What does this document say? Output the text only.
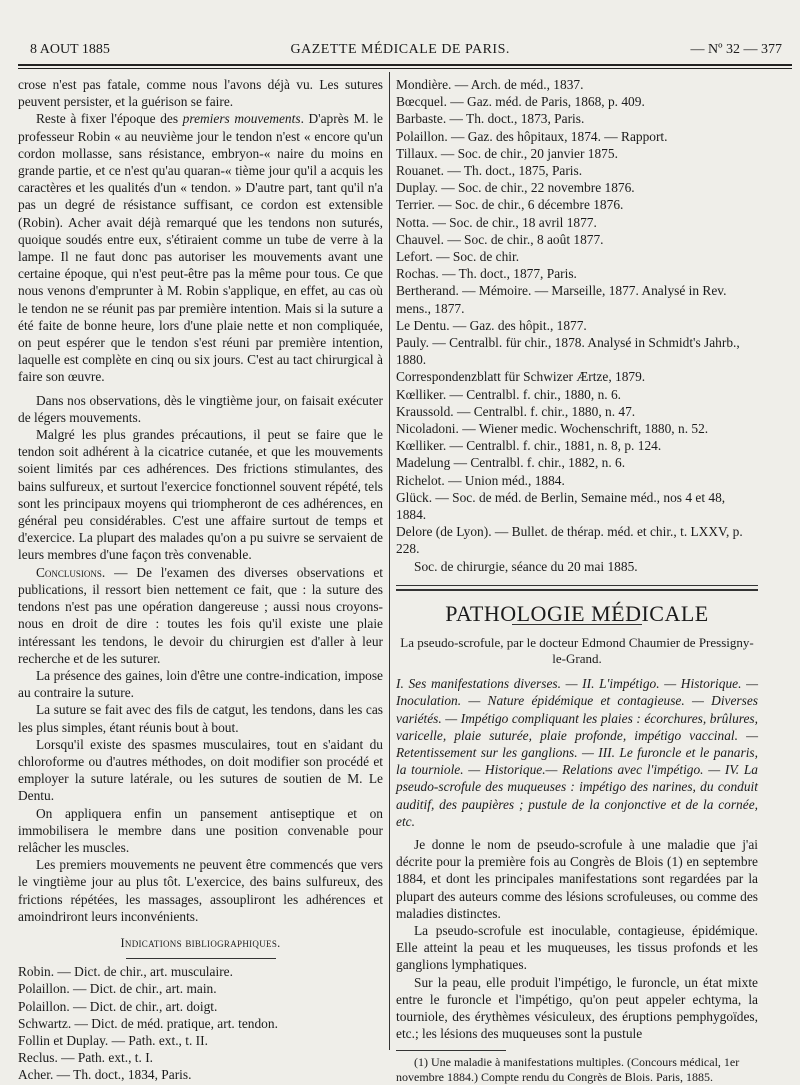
8 AOUT 1885	GAZETTE MÉDICALE DE PARIS.	— Nº 32 — 377

crose n'est pas fatale, comme nous l'avons déjà vu. Les sutures peuvent persister, et la guérison se faire.

Reste à fixer l'époque des premiers mouvements. D'après M. le professeur Robin « au neuvième jour le tendon n'est « encore qu'un cordon mollasse, sans résistance, embryon-« naire du moins en grande partie, et ce n'est qu'au quaran-« tième jour qu'il a acquis les caractères et les qualités d'un « tendon. » D'autre part, tant qu'il n'a pas un degré de résistance suffisant, ce cordon est extensible (Robin). Acher avait déjà remarqué que les tendons non suturés, quoique soudés entre eux, s'étiraient comme un tube de verre à la lampe. Il ne faut donc pas autoriser les mouvements avant une certaine époque, qui n'est peut-être pas la même pour tous. Ce que nous venons d'emprunter à M. Robin s'applique, en effet, au cas où le tendon ne se réunit pas par première intention. Mais si la suture a été faite de bonne heure, lors d'une plaie nette et non compliquée, on peut espérer que le tendon s'est réuni par première intention, laquelle est complète en cinq ou six jours. C'est au tact chirurgical à faire son œuvre.

Dans nos observations, dès le vingtième jour, on faisait exécuter de légers mouvements.

Malgré les plus grandes précautions, il peut se faire que le tendon soit adhérent à la cicatrice cutanée, et que les mouvements soient limités par ces adhérences. Des frictions stimulantes, des bains sulfureux, et surtout l'exercice fonctionnel souvent répété, tels sont les principaux moyens qui triompheront de ces adhérences, en général peu considérables. C'est une affaire surtout de temps et d'exercice. La plupart des malades qu'on a pu suivre se servaient de leurs membres d'une façon très convenable.

Conclusions. — De l'examen des diverses observations et publications, il ressort bien nettement ce fait, que : la suture des tendons n'est pas une opération dangereuse ; aussi nous croyons-nous en droit de dire : toutes les fois qu'il existe une plaie intéressant les tendons, le devoir du chirurgien est d'aller à leur recherche et de les suturer.

La présence des gaines, loin d'être une contre-indication, impose au contraire la suture.

La suture se fait avec des fils de catgut, les tendons, dans les cas les plus simples, étant réunis bout à bout.

Lorsqu'il existe des spasmes musculaires, tout en s'aidant du chloroforme ou d'autres méthodes, on doit modifier son procédé et employer la suture latérale, ou les sutures de soutien de M. Le Dentu.

On appliquera enfin un pansement antiseptique et on immobilisera le membre dans une position convenable pour relâcher les muscles.

Les premiers mouvements ne peuvent être commencés que vers le vingtième jour au plus tôt. L'exercice, des bains sulfureux, des frictions répétées, les massages, assoupliront les adhérences et amoindriront leurs inconvénients.

Indications bibliographiques.

Robin. — Dict. de chir., art. musculaire.

Polaillon. — Dict. de chir., art. main.

Polaillon. — Dict. de chir., art. doigt.

Schwartz. — Dict. de méd. pratique, art. tendon.

Follin et Duplay. — Path. ext., t. II.

Reclus. — Path. ext., t. I.

Acher. — Th. doct., 1834, Paris.

Mondière. — Arch. de méd., 1837.

Bœcquel. — Gaz. méd. de Paris, 1868, p. 409.

Barbaste. — Th. doct., 1873, Paris.

Polaillon. — Gaz. des hôpitaux, 1874. — Rapport.

Tillaux. — Soc. de chir., 20 janvier 1875.

Rouanet. — Th. doct., 1875, Paris.

Duplay. — Soc. de chir., 22 novembre 1876.

Terrier. — Soc. de chir., 6 décembre 1876.

Notta. — Soc. de chir., 18 avril 1877.

Chauvel. — Soc. de chir., 8 août 1877.

Lefort. — Soc. de chir.

Rochas. — Th. doct., 1877, Paris.

Bertherand. — Mémoire. — Marseille, 1877. Analysé in Rev. mens., 1877.

Le Dentu. — Gaz. des hôpit., 1877.

Pauly. — Centralbl. für chir., 1878. Analysé in Schmidt's Jahrb., 1880.

Correspondenzblatt für Schwizer Ærtze, 1879.

Kœlliker. — Centralbl. f. chir., 1880, n. 6.

Kraussold. — Centralbl. f. chir., 1880, n. 47.

Nicoladoni. — Wiener medic. Wochenschrift, 1880, n. 52.

Kœlliker. — Centralbl. f. chir., 1881, n. 8, p. 124.

Madelung — Centralbl. f. chir., 1882, n. 6.

Richelot. — Union méd., 1884.

Glück. — Soc. de méd. de Berlin, Semaine méd., nos 4 et 48, 1884.

Delore (de Lyon). — Bullet. de thérap. méd. et chir., t. LXXV, p. 228.

Soc. de chirurgie, séance du 20 mai 1885.

PATHOLOGIE MÉDICALE
La pseudo-scrofule, par le docteur Edmond Chaumier de Pressigny-le-Grand.

I. Ses manifestations diverses. — II. L'impétigo. — Historique. — Inoculation. — Nature épidémique et contagieuse. — Diverses variétés. — Impétigo compliquant les plaies : écorchures, brûlures, varicelle, plaie suturée, plaie profonde, impétigo vaccinal. — Retentissement sur les ganglions. — III. Le furoncle et le panaris, la tourniole. — Historique.— Relations avec l'impétigo. — IV. La pseudo-scrofule des muqueuses : impétigo des narines, du conduit auditif, des paupières ; pustule de la conjonctive et de la cornée, etc.

Je donne le nom de pseudo-scrofule à une maladie que j'ai décrite pour la première fois au Congrès de Blois (1) en septembre 1884, et dont les principales manifestations sont regardées par la plupart des auteurs comme des lésions scrofuleuses, ou comme des maladies distinctes.

La pseudo-scrofule est inoculable, contagieuse, épidémique. Elle atteint la peau et les muqueuses, les tissus profonds et les ganglions lymphatiques.

Sur la peau, elle produit l'impétigo, le furoncle, un état mixte entre le furoncle et l'impétigo, qu'on peut appeler echtyma, la tourniole, des érythèmes vésiculeux, des éruptions pemphygoïdes, etc.; les lésions des muqueuses sont la pustule

(1) Une maladie à manifestations multiples. (Concours médical, 1er novembre 1884.) Compte rendu du Congrès de Blois. Paris, 1885.
